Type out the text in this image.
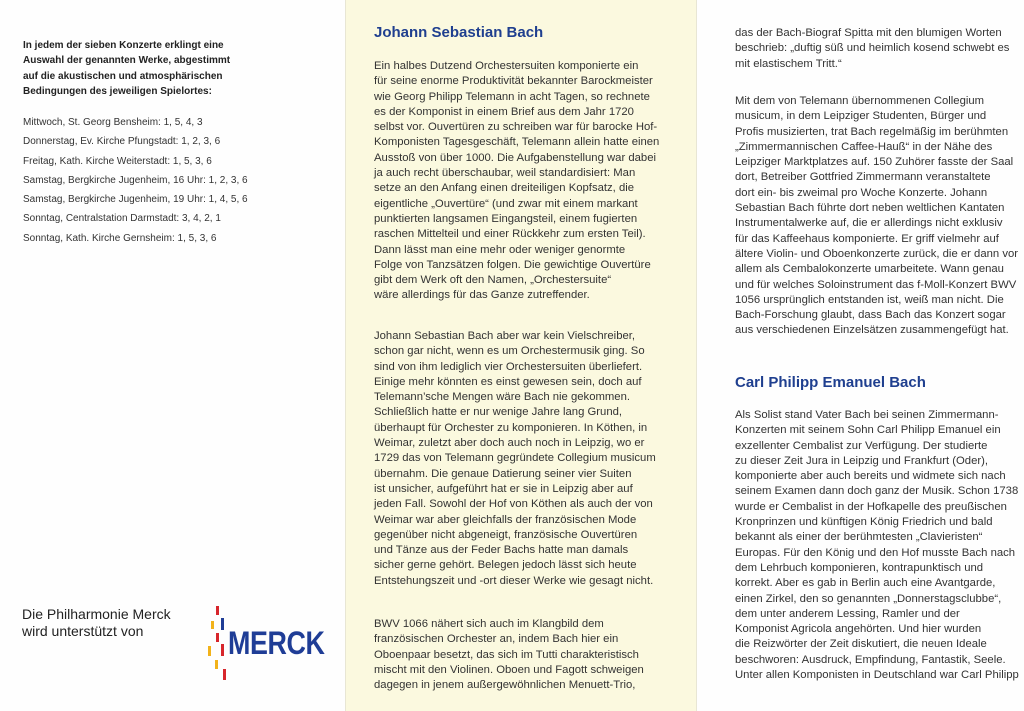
In jedem der sieben Konzerte erklingt eine
Auswahl der genannten Werke, abgestimmt
auf die akustischen und atmosphärischen
Bedingungen des jeweiligen Spielortes:
Mittwoch, St. Georg Bensheim: 1, 5, 4, 3
Donnerstag, Ev. Kirche Pfungstadt: 1, 2, 3, 6
Freitag, Kath. Kirche Weiterstadt: 1, 5, 3, 6
Samstag, Bergkirche Jugenheim, 16 Uhr: 1, 2, 3, 6
Samstag, Bergkirche Jugenheim, 19 Uhr: 1, 4, 5, 6
Sonntag, Centralstation Darmstadt: 3, 4, 2, 1
Sonntag, Kath. Kirche Gernsheim: 1, 5, 3, 6
Die Philharmonie Merck
wird unterstützt von	MERCK
Johann Sebastian Bach
Ein halbes Dutzend Orchestersuiten komponierte ein
für seine enorme Produktivität bekannter Barockmeister
wie Georg Philipp Telemann in acht Tagen, so rechnete
es der Komponist in einem Brief aus dem Jahr 1720
selbst vor. Ouvertüren zu schreiben war für barocke Hof-
Komponisten Tagesgeschäft, Telemann allein hatte einen
Ausstoß von über 1000. Die Aufgabenstellung war dabei
ja auch recht überschaubar, weil standardisiert: Man
setze an den Anfang einen dreiteiligen Kopfsatz, die
eigentliche „Ouvertüre“ (und zwar mit einem markant
punktierten langsamen Eingangsteil, einem fugierten
raschen Mittelteil und einer Rückkehr zum ersten Teil).
Dann lässt man eine mehr oder weniger genormte
Folge von Tanzsätzen folgen. Die gewichtige Ouvertüre
gibt dem Werk oft den Namen, „Orchestersuite“
wäre allerdings für das Ganze zutreffender.
Johann Sebastian Bach aber war kein Vielschreiber,
schon gar nicht, wenn es um Orchestermusik ging. So
sind von ihm lediglich vier Orchestersuiten überliefert.
Einige mehr könnten es einst gewesen sein, doch auf
Telemann’sche Mengen wäre Bach nie gekommen.
Schließlich hatte er nur wenige Jahre lang Grund,
überhaupt für Orchester zu komponieren. In Köthen, in
Weimar, zuletzt aber doch auch noch in Leipzig, wo er
1729 das von Telemann gegründete Collegium musicum
übernahm. Die genaue Datierung seiner vier Suiten
ist unsicher, aufgeführt hat er sie in Leipzig aber auf
jeden Fall. Sowohl der Hof von Köthen als auch der von
Weimar war aber gleichfalls der französischen Mode
gegenüber nicht abgeneigt, französische Ouvertüren
und Tänze aus der Feder Bachs hatte man damals
sicher gerne gehört. Belegen jedoch lässt sich heute
Entstehungszeit und -ort dieser Werke wie gesagt nicht.
BWV 1066 nähert sich auch im Klangbild dem
französischen Orchester an, indem Bach hier ein
Oboenpaar besetzt, das sich im Tutti charakteristisch
mischt mit den Violinen. Oboen und Fagott schweigen
dagegen in jenem außergewöhnlichen Menuett-Trio,
das der Bach-Biograf Spitta mit den blumigen Worten
beschrieb: „duftig süß und heimlich kosend schwebt es
mit elastischem Tritt.“
Mit dem von Telemann übernommenen Collegium
musicum, in dem Leipziger Studenten, Bürger und
Profis musizierten, trat Bach regelmäßig im berühmten
„Zimmermannischen Caffee-Hauß“ in der Nähe des
Leipziger Marktplatzes auf. 150 Zuhörer fasste der Saal
dort, Betreiber Gottfried Zimmermann veranstaltete
dort ein- bis zweimal pro Woche Konzerte. Johann
Sebastian Bach führte dort neben weltlichen Kantaten
Instrumentalwerke auf, die er allerdings nicht exklusiv
für das Kaffeehaus komponierte. Er griff vielmehr auf
ältere Violin- und Oboenkonzerte zurück, die er dann vor
allem als Cembalokonzerte umarbeitete. Wann genau
und für welches Soloinstrument das f-Moll-Konzert BWV
1056 ursprünglich entstanden ist, weiß man nicht. Die
Bach-Forschung glaubt, dass Bach das Konzert sogar
aus verschiedenen Einzelsätzen zusammengefügt hat.
Carl Philipp Emanuel Bach
Als Solist stand Vater Bach bei seinen Zimmermann-
Konzerten mit seinem Sohn Carl Philipp Emanuel ein
exzellenter Cembalist zur Verfügung. Der studierte
zu dieser Zeit Jura in Leipzig und Frankfurt (Oder),
komponierte aber auch bereits und widmete sich nach
seinem Examen dann doch ganz der Musik. Schon 1738
wurde er Cembalist in der Hofkapelle des preußischen
Kronprinzen und künftigen König Friedrich und bald
bekannt als einer der berühmtesten „Clavieristen“
Europas. Für den König und den Hof musste Bach nach
dem Lehrbuch komponieren, kontrapunktisch und
korrekt. Aber es gab in Berlin auch eine Avantgarde,
einen Zirkel, den so genannten „Donnerstagsclubbe“,
dem unter anderem Lessing, Ramler und der
Komponist Agricola angehörten. Und hier wurden
die Reizwörter der Zeit diskutiert, die neuen Ideale
beschworen: Ausdruck, Empfindung, Fantastik, Seele.
Unter allen Komponisten in Deutschland war Carl Philipp
